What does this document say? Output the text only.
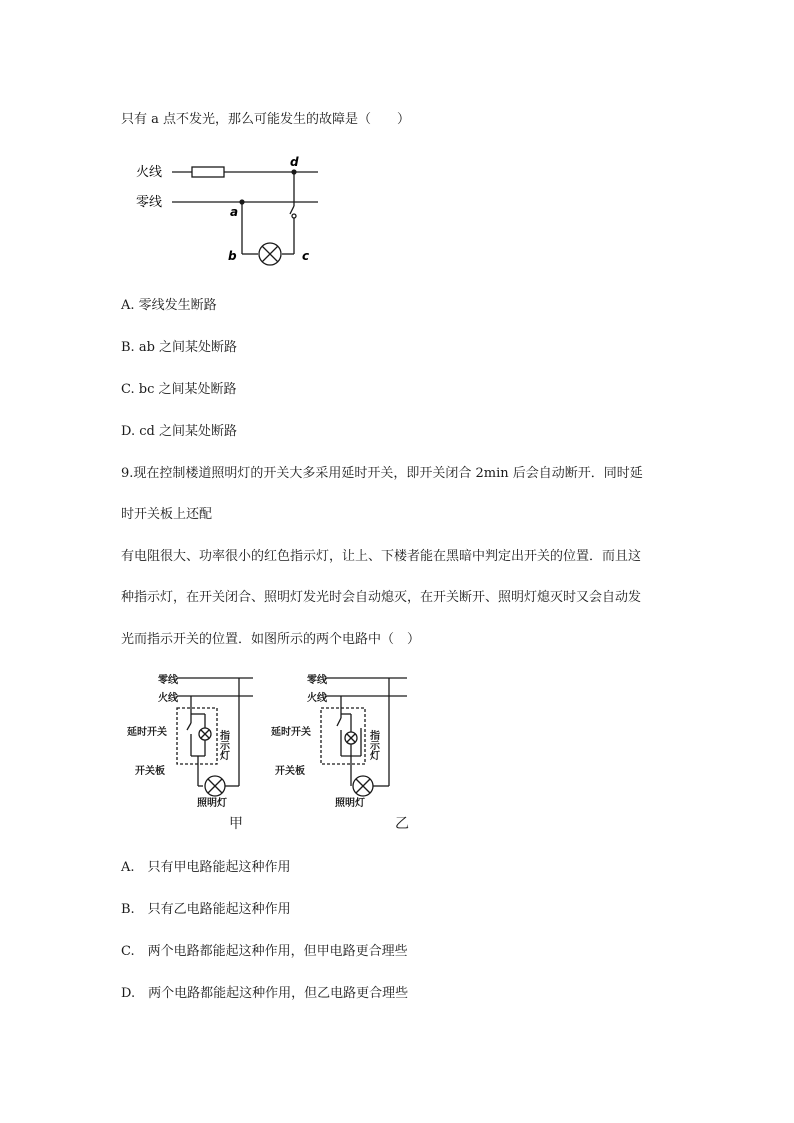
只有 a 点不发光，那么可能发生的故障是（　　）
火线
零线
a
b	c
d
A. 零线发生断路
B. ab 之间某处断路
C. bc 之间某处断路
D. cd 之间某处断路
9.现在控制楼道照明灯的开关大多采用延时开关，即开关闭合 2min 后会自动断开．同时延
时开关板上还配
有电阻很大、功率很小的红色指示灯，让上、下楼者能在黑暗中判定出开关的位置．而且这
种指示灯，在开关闭合、照明灯发光时会自动熄灭，在开关断开、照明灯熄灭时又会自动发
光而指示开关的位置．如图所示的两个电路中（　）
零线
火线
延时开关
开关板
照明灯
甲
零线
火线
延时开关
开关板
照明灯
乙
指示灯	指示灯
A.　只有甲电路能起这种作用
B.　只有乙电路能起这种作用
C.　两个电路都能起这种作用，但甲电路更合理些
D.　两个电路都能起这种作用，但乙电路更合理些
